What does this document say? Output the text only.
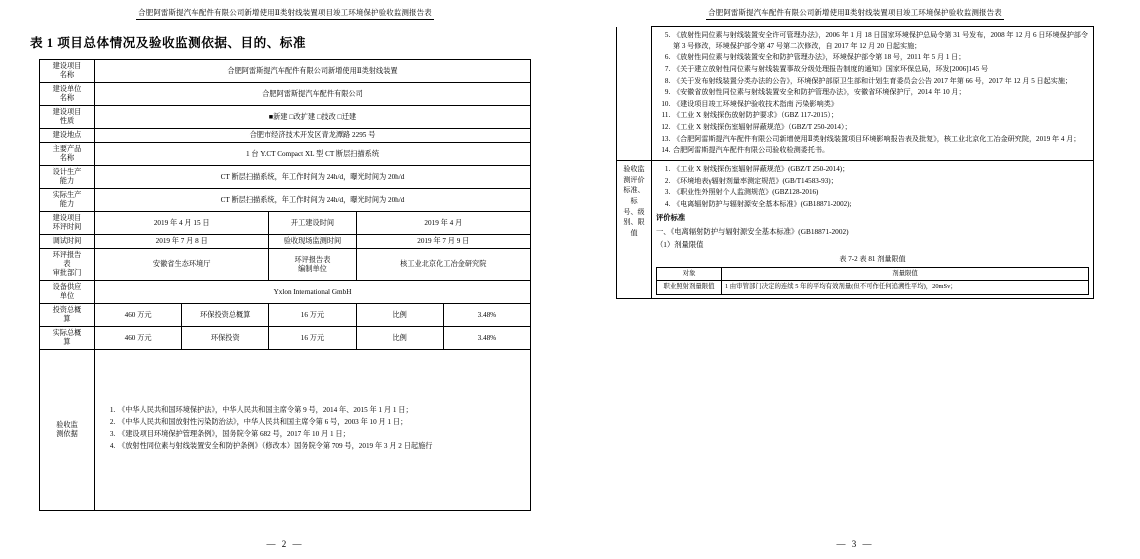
合肥阿雷斯提汽车配件有限公司新增使用Ⅱ类射线装置项目竣工环境保护验收监测报告表
表 1 项目总体情况及验收监测依据、目的、标准
建设项目
名称	合肥阿雷斯提汽车配件有限公司新增使用Ⅱ类射线装置				
建设单位
名称	合肥阿雷斯提汽车配件有限公司				
建设项目
性质	■新建 □改扩建 □技改 □迁建				
建设地点	合肥市经济技术开发区青龙潭路 2295 号				
主要产品
名称	1 台 Y.CT Compact XL 型 CT 断层扫描系统				
设计生产
能力	CT 断层扫描系统，年工作时间为 24h/d，曝光时间为 20h/d				
实际生产
能力	CT 断层扫描系统，年工作时间为 24h/d，曝光时间为 20h/d				
建设项目
环评时间	2019 年 4 月 15 日		开工建设时间	2019 年 4 月	
调试时间	2019 年 7 月 8 日		验收现场监测时间	2019 年 7 月 9 日	
环评报告
表
审批部门	安徽省生态环境厅		环评报告表
编制单位	核工业北京化工冶金研究院	
设备供应
单位	Yxlon International GmbH				
投资总概
算	460 万元	环保投资总概算	16 万元	比例	3.48%
实际总概
算	460 万元	环保投资	16 万元	比例	3.48%
验收监
测依据	
1. 《中华人民共和国环境保护法》，中华人民共和国主席令第 9 号，2014 年、2015 年 1 月 1 日；
2. 《中华人民共和国放射性污染防治法》，中华人民共和国主席令第 6 号，2003 年 10 月 1 日；
3. 《建设项目环境保护管理条例》，国务院令第 682 号，2017 年 10 月 1 日；
4. 《放射性同位素与射线装置安全和防护条例》（修改本）国务院令第 709 号，2019 年 3 月 2 日起施行
— 2 —
合肥阿雷斯提汽车配件有限公司新增使用Ⅱ类射线装置项目竣工环境保护验收监测报告表

5. 《放射性同位素与射线装置安全许可管理办法》，2006 年 1 月 18 日国家环境保护总局令第 31 号发布，2008 年 12 月 6 日环境保护部令第 3 号修改，环境保护部令第 47 号第二次修改，自 2017 年 12 月 20 日起实施；
6. 《放射性同位素与射线装置安全和防护管理办法》，环境保护部令第 18 号，2011 年 5 月 1 日；
7. 《关于建立放射性同位素与射线装置事故分级处理报告制度的通知》国家环保总局，环发[2006]145 号
8. 《关于发布射线装置分类办法的公告》，环境保护部原卫生部和计划生育委员会公告 2017 年第 66 号，2017 年 12 月 5 日起实施；
9. 《安徽省放射性同位素与射线装置安全和防护管理办法》，安徽省环境保护厅，2014 年 10 月；
10. 《建设项目竣工环境保护验收技术指南 污染影响类》
11. 《工业 X 射线探伤放射防护要求》（GBZ 117-2015）；
12. 《工业 X 射线探伤室辐射屏蔽规范》（GBZ/T 250-2014）；
13. 《合肥阿雷斯提汽车配件有限公司新增使用Ⅱ类射线装置项目环境影响报告表及批复》，核工业北京化工冶金研究院，2019 年 4 月；
14. 合肥阿雷斯提汽车配件有限公司验收检测委托书。

验收监
测评价
标准、标
号、级
别、限值	
1. 《工业 X 射线探伤室辐射屏蔽规范》(GBZ/T 250-2014)；
2. 《环境地表γ辐射剂量率测定规范》(GB/T14583-93)；
3. 《职业性外照射个人监测规范》(GBZ128-2016)
4. 《电离辐射防护与辐射源安全基本标准》(GB18871-2002);
评价标准
一、《电离辐射防护与辐射源安全基本标准》(GB18871-2002)
（1）剂量限值
表 7-2 表 81 剂量限值
对象	剂量限值
职业照射剂量限值	1 由审管部门决定的连续 5 年的平均有效剂量(但不可作任何追溯性平均)，20mSv；
— 3 —
